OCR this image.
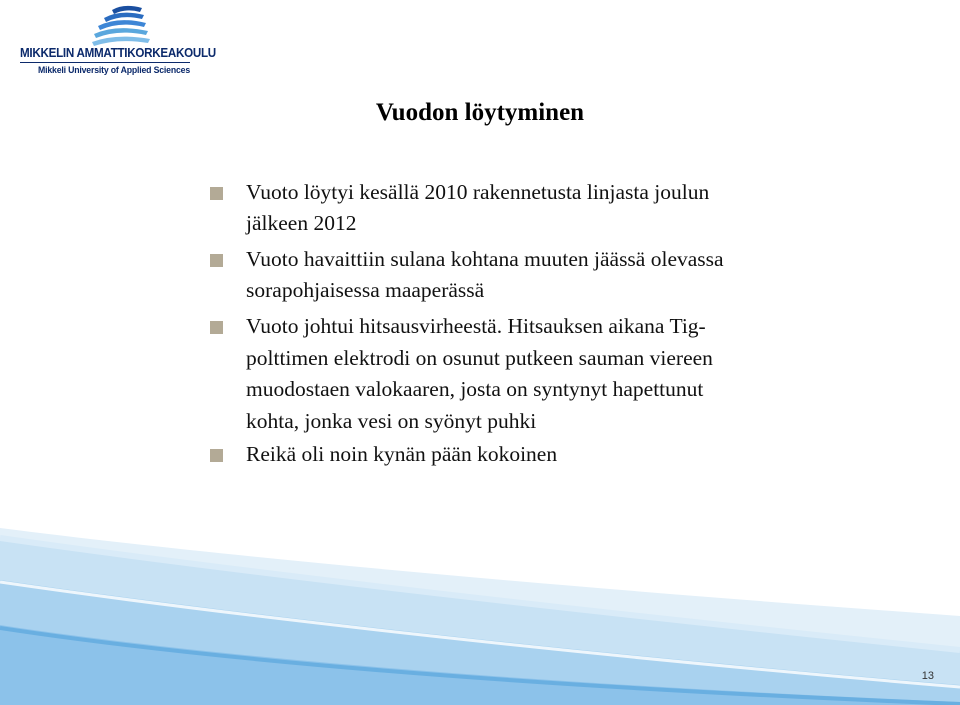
MIKKELIN AMMATTIKORKEAKOULU
Mikkeli University of Applied Sciences
Vuodon löytyminen
Vuoto löytyi kesällä 2010 rakennetusta linjasta joulun jälkeen 2012
Vuoto havaittiin sulana kohtana muuten jäässä olevassa sorapohjaisessa maaperässä
Vuoto johtui hitsausvirheestä. Hitsauksen aikana Tig-polttimen elektrodi on osunut putkeen sauman viereen muodostaen valokaaren, josta on syntynyt hapettunut kohta, jonka vesi on syönyt puhki
Reikä oli noin kynän pään kokoinen
13
